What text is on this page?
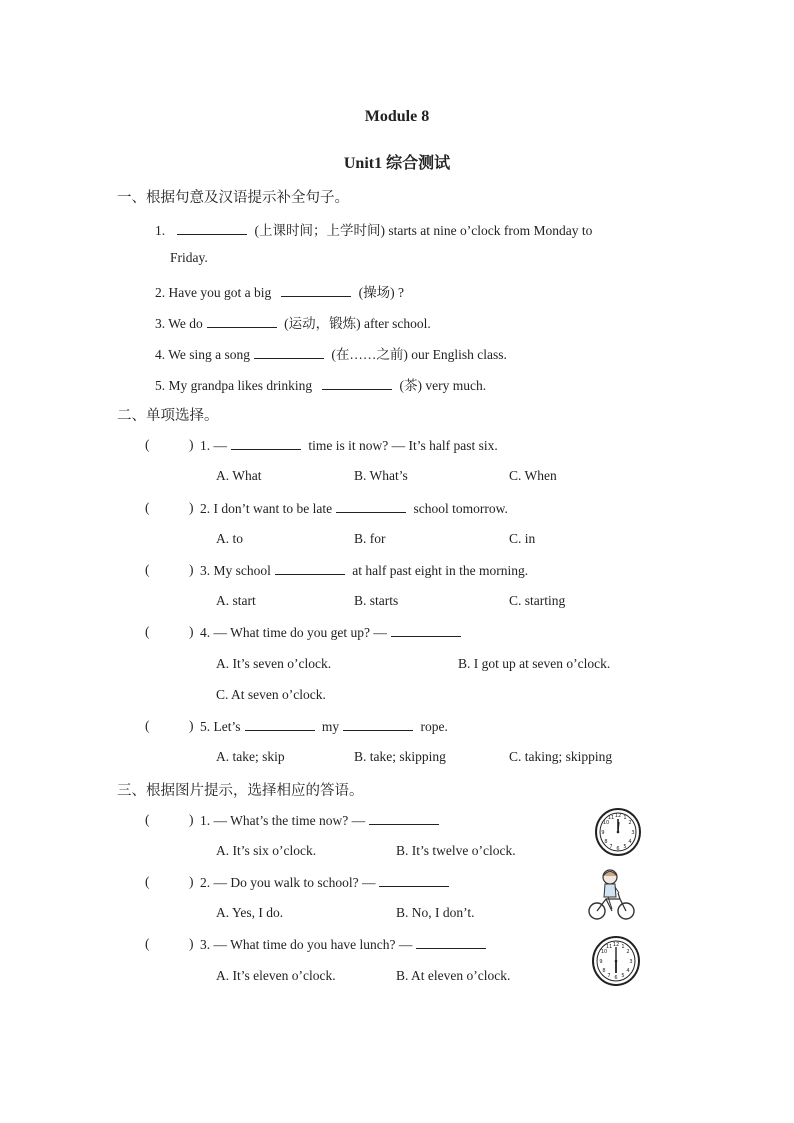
Module 8
Unit1 综合测试
一、根据句意及汉语提示补全句子。
1.	(上课时间；上学时间) starts at nine o’clock from Monday to
Friday.
2. Have you got a big	(操场) ?
3. We do	(运动，锻炼) after school.
4. We sing a song	(在……之前) our English class.
5. My grandpa likes drinking	(茶) very much.
二、单项选择。
(	) 1. —	time is it now? — It’s half past six.
A. What	B. What’s	C. When
(	) 2. I don’t want to be late	school tomorrow.
A. to	B. for	C. in
(	) 3. My school	at half past eight in the morning.
A. start	B. starts	C. starting
(	) 4. — What time do you get up? —
A. It’s seven o’clock.	B. I got up at seven o’clock.
C. At seven o’clock.
(	) 5. Let’s	my	rope.
A. take; skip	B. take; skipping	C. taking; skipping
三、根据图片提示，选择相应的答语。
(	) 1. — What’s the time now? —
A. It’s six o’clock.	B. It’s twelve o’clock.
12 1
2
3
4
5
6
7
8
9
10
11
(	) 2. — Do you walk to school? —
A. Yes, I do.	B. No, I don’t.
(	) 3. — What time do you have lunch? —
A. It’s eleven o’clock.	B. At eleven o’clock.
12 1
2
3
4
5
6
7
8
9
10
11
